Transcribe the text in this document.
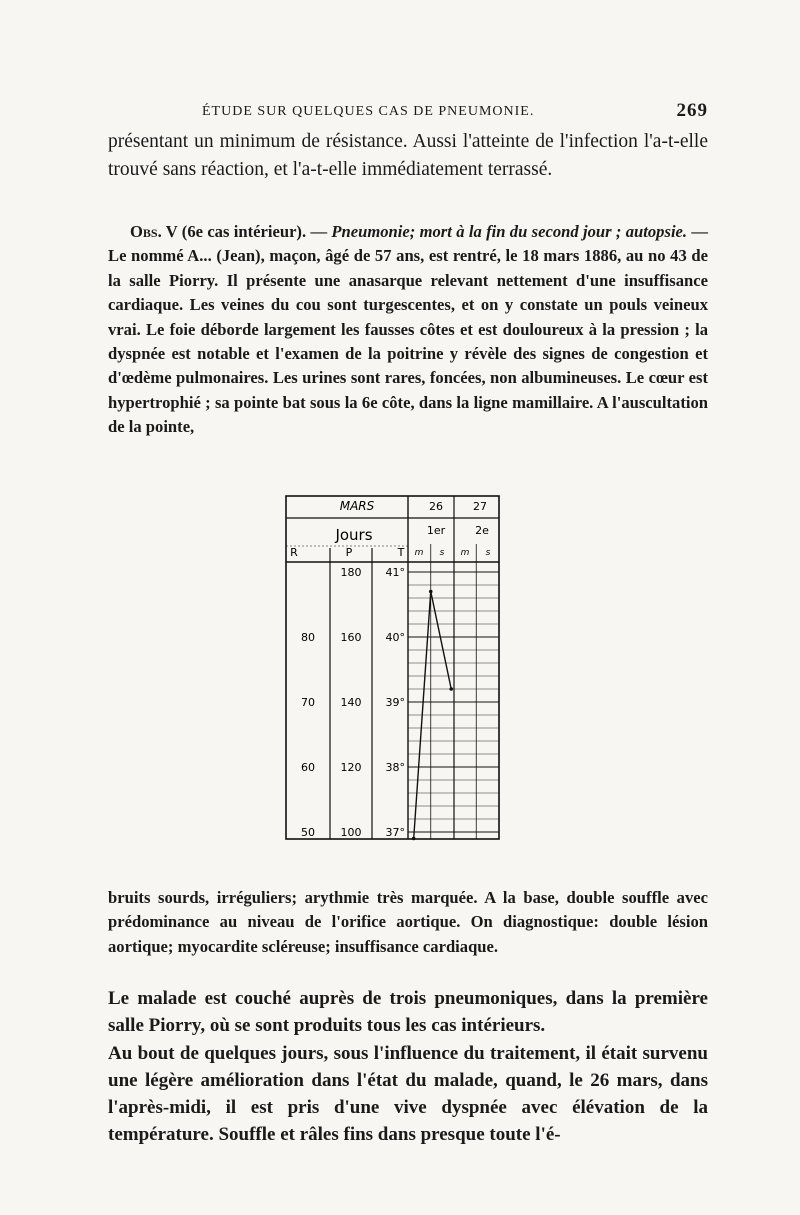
ÉTUDE SUR QUELQUES CAS DE PNEUMONIE.	269
présentant un minimum de résistance. Aussi l'atteinte de l'infection l'a-t-elle trouvé sans réaction, et l'a-t-elle immédiatement terrassé.
Obs. V (6e cas intérieur). — Pneumonie; mort à la fin du second jour ; autopsie. — Le nommé A... (Jean), maçon, âgé de 57 ans, est rentré, le 18 mars 1886, au no 43 de la salle Piorry. Il présente une anasarque relevant nettement d'une insuffisance cardiaque. Les veines du cou sont turgescentes, et on y constate un pouls veineux vrai. Le foie déborde largement les fausses côtes et est douloureux à la pression ; la dyspnée est notable et l'examen de la poitrine y révèle des signes de congestion et d'œdème pulmonaires. Les urines sont rares, foncées, non albumineuses. Le cœur est hypertrophié ; sa pointe bat sous la 6e côte, dans la ligne mamillaire. A l'auscultation de la pointe,
MARS	26	27
Jours	1er	2e
R	P	T m s m s
41°
40°
39°
38°
37°
180
160
140
120
100
80
70
60
50
bruits sourds, irréguliers; arythmie très marquée. A la base, double souffle avec prédominance au niveau de l'orifice aortique. On diagnostique: double lésion aortique; myocardite scléreuse; insuffisance cardiaque.
Le malade est couché auprès de trois pneumoniques, dans la première salle Piorry, où se sont produits tous les cas intérieurs.
Au bout de quelques jours, sous l'influence du traitement, il était survenu une légère amélioration dans l'état du malade, quand, le 26 mars, dans l'après-midi, il est pris d'une vive dyspnée avec élévation de la température. Souffle et râles fins dans presque toute l'é-
